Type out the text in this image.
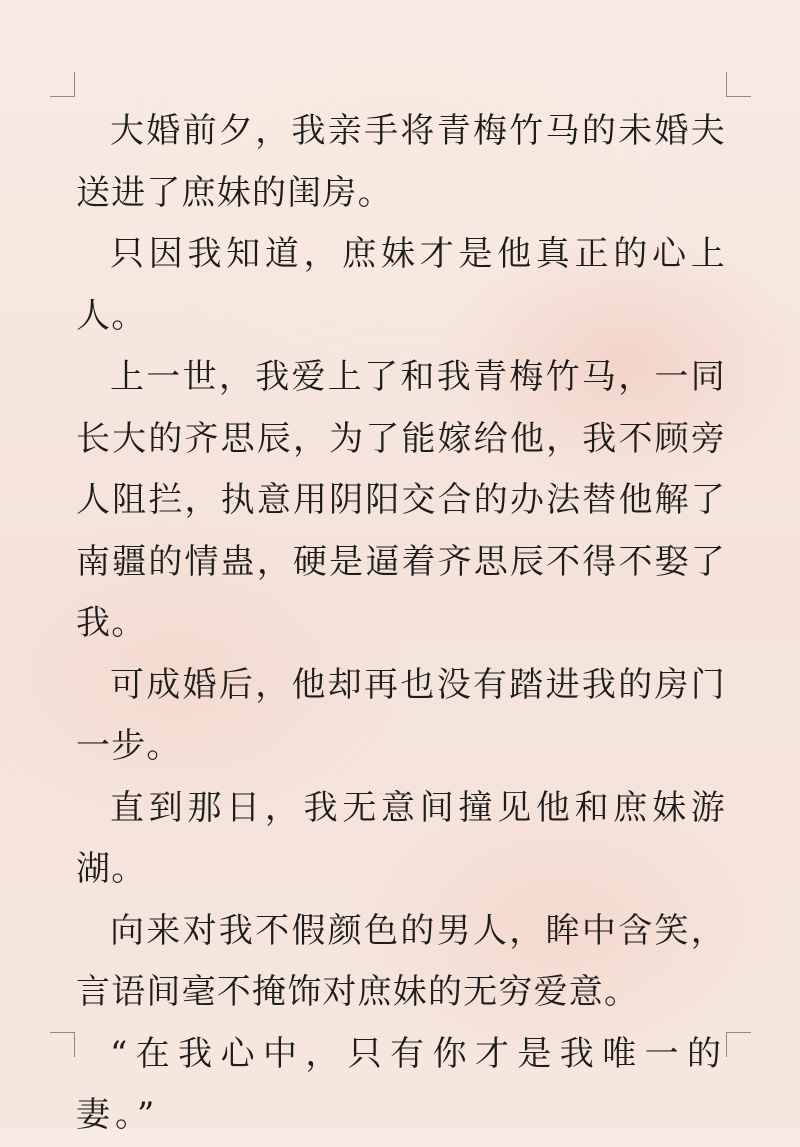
大婚前夕，我亲手将青梅竹马的未婚夫送进了庶妹的闺房。

只因我知道，庶妹才是他真正的心上人。

上一世，我爱上了和我青梅竹马，一同长大的齐思辰，为了能嫁给他，我不顾旁人阻拦，执意用阴阳交合的办法替他解了南疆的情蛊，硬是逼着齐思辰不得不娶了我。

可成婚后，他却再也没有踏进我的房门一步。

直到那日，我无意间撞见他和庶妹游湖。

向来对我不假颜色的男人，眸中含笑，言语间毫不掩饰对庶妹的无穷爱意。

“在我心中，只有你才是我唯一的妻。”
